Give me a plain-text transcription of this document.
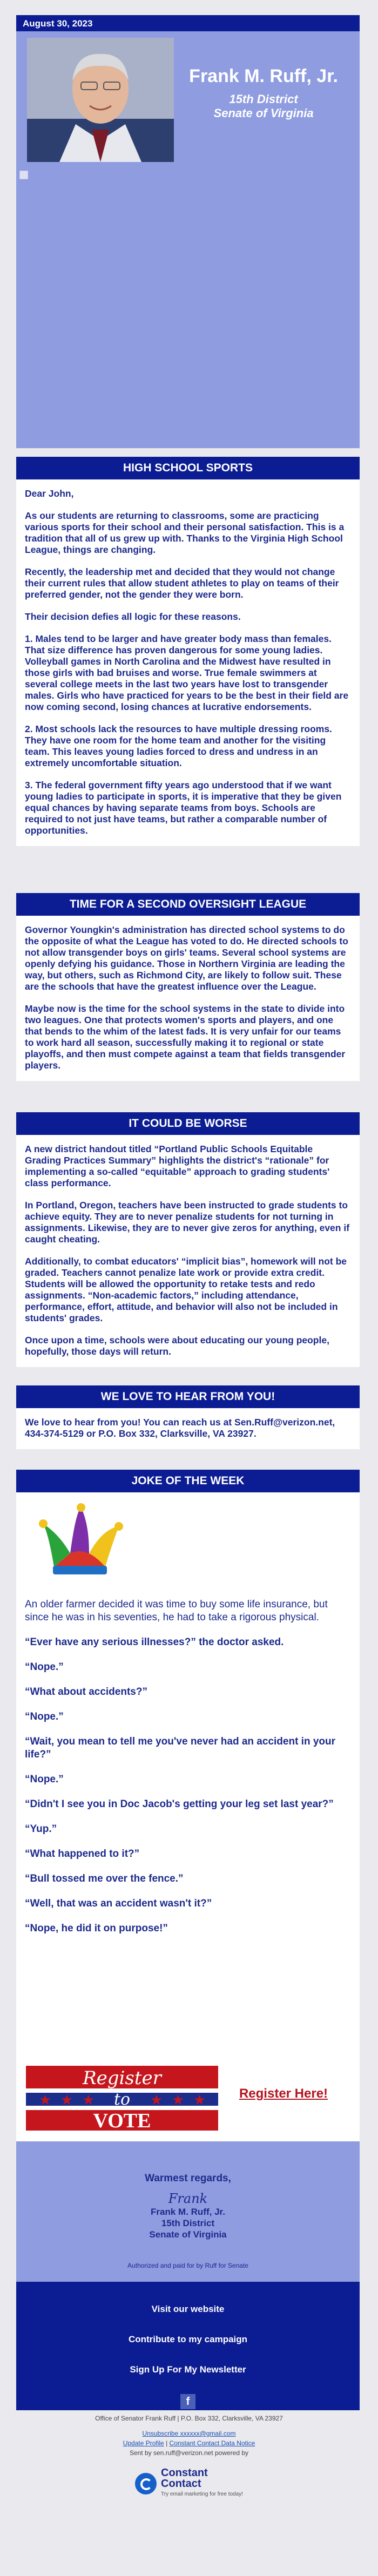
August 30, 2023
Frank M. Ruff, Jr.
15th District
Senate of Virginia
HIGH SCHOOL SPORTS

Dear John,

As our students are returning to classrooms, some are practicing various sports for their school and their personal satisfaction. This is a tradition that all of us grew up with. Thanks to the Virginia High School League, things are changing.

Recently, the leadership met and decided that they would not change their current rules that allow student athletes to play on teams of their preferred gender, not the gender they were born.

Their decision defies all logic for these reasons.

1. Males tend to be larger and have greater body mass than females. That size difference has proven dangerous for some young ladies. Volleyball games in North Carolina and the Midwest have resulted in those girls with bad bruises and worse. True female swimmers at several college meets in the last two years have lost to transgender males. Girls who have practiced for years to be the best in their field are now coming second, losing chances at lucrative endorsements.

2. Most schools lack the resources to have multiple dressing rooms. They have one room for the home team and another for the visiting team. This leaves young ladies forced to dress and undress in an extremely uncomfortable situation.

3. The federal government fifty years ago understood that if we want young ladies to participate in sports, it is imperative that they be given equal chances by having separate teams from boys. Schools are required to not just have teams, but rather a comparable number of opportunities.

TIME FOR A SECOND OVERSIGHT LEAGUE

Governor Youngkin's administration has directed school systems to do the opposite of what the League has voted to do. He directed schools to not allow transgender boys on girls' teams. Several school systems are openly defying his guidance. Those in Northern Virginia are leading the way, but others, such as Richmond City, are likely to follow suit. These are the schools that have the greatest influence over the League.

Maybe now is the time for the school systems in the state to divide into two leagues. One that protects women's sports and players, and one that bends to the whim of the latest fads. It is very unfair for our teams to work hard all season, successfully making it to regional or state playoffs, and then must compete against a team that fields transgender players.

IT COULD BE WORSE

A new district handout titled “Portland Public Schools Equitable Grading Practices Summary” highlights the district's “rationale” for implementing a so-called “equitable” approach to grading students' class performance.

In Portland, Oregon, teachers have been instructed to grade students to achieve equity. They are to never penalize students for not turning in assignments. Likewise, they are to never give zeros for anything, even if caught cheating.

Additionally, to combat educators' “implicit bias”, homework will not be graded. Teachers cannot penalize late work or provide extra credit. Students will be allowed the opportunity to retake tests and redo assignments. “Non-academic factors,” including attendance, performance, effort, attitude, and behavior will also not be included in students' grades.

Once upon a time, schools were about educating our young people, hopefully, those days will return.

WE LOVE TO HEAR FROM YOU!

We love to hear from you! You can reach us at Sen.Ruff@verizon.net, 434-374-5129 or P.O. Box 332, Clarksville, VA 23927.

JOKE OF THE WEEK

An older farmer decided it was time to buy some life insurance, but since he was in his seventies, he had to take a rigorous physical.

“Ever have any serious illnesses?” the doctor asked.

“Nope.”

“What about accidents?”

“Nope.”

“Wait, you mean to tell me you've never had an accident in your life?”

“Nope.”

“Didn't I see you in Doc Jacob's getting your leg set last year?”

“Yup.”

“What happened to it?”

“Bull tossed me over the fence.”

“Well, that was an accident wasn't it?”

“Nope, he did it on purpose!”

★ ★ ★	★ ★ ★
Register
to
VOTE
Register Here!
Warmest regards,
Frank
Frank M. Ruff, Jr.
15th District
Senate of Virginia
Authorized and paid for by Ruff for Senate
Visit our website
Contribute to my campaign
Sign Up For My Newsletter
f
Office of Senator Frank Ruff | P.O. Box 332, Clarksville, VA 23927
Unsubscribe xxxxxx@gmail.com
Update Profile | Constant Contact Data Notice
Sent by sen.ruff@verizon.net powered by
Constant
Contact
Try email marketing for free today!
